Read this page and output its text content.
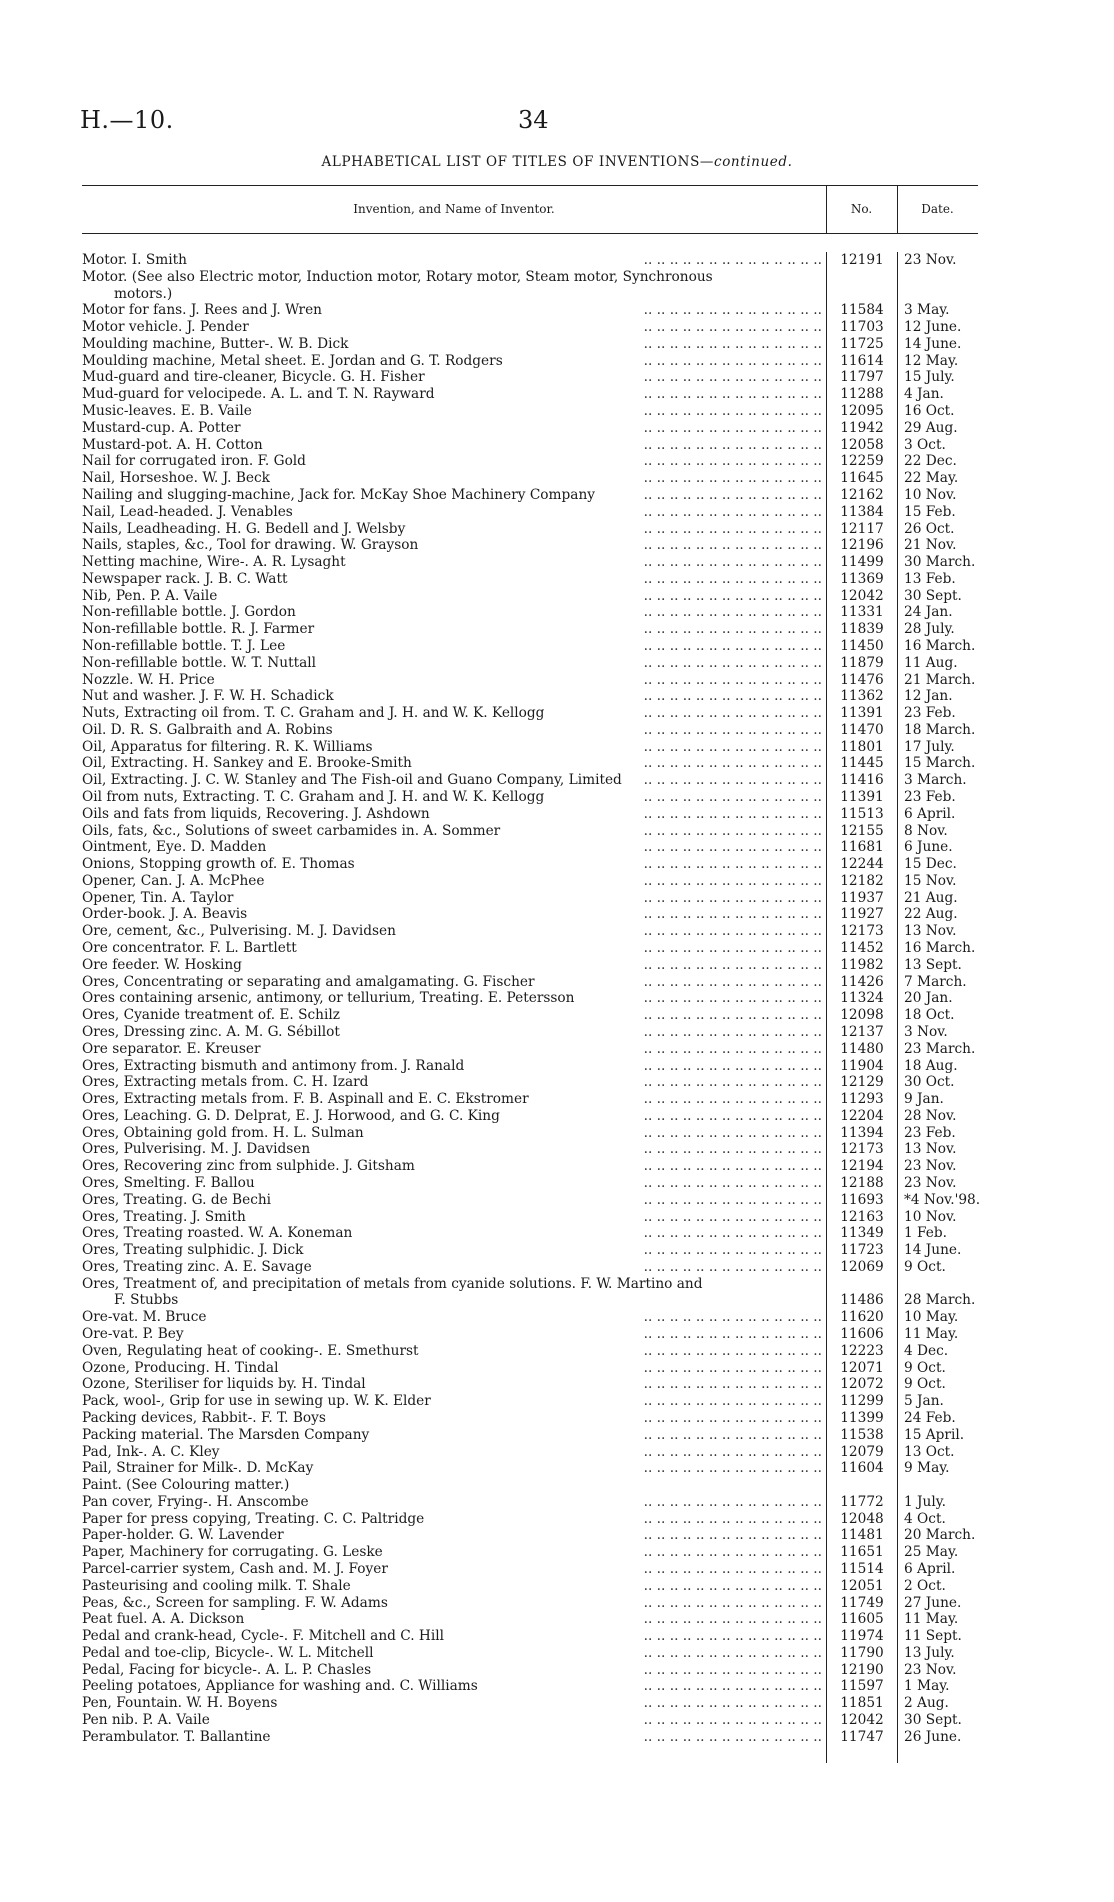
H.—10.	34
ALPHABETICAL LIST OF TITLES OF INVENTIONS—continued.
Invention, and Name of Inventor.	No.	Date.
Motor. I. Smith	.. .. .. .. .. .. .. .. .. .. .. .. .. ..	12191	23 Nov.
Motor. (See also Electric motor, Induction motor, Rotary motor, Steam motor, Synchronous
motors.)
Motor for fans. J. Rees and J. Wren	.. .. .. .. .. .. .. .. .. .. .. .. .. ..	11584	3 May.
Motor vehicle. J. Pender	.. .. .. .. .. .. .. .. .. .. .. .. .. ..	11703	12 June.
Moulding machine, Butter-. W. B. Dick	.. .. .. .. .. .. .. .. .. .. .. .. .. ..	11725	14 June.
Moulding machine, Metal sheet. E. Jordan and G. T. Rodgers	.. .. .. .. .. .. .. .. .. .. .. .. .. ..	11614	12 May.
Mud-guard and tire-cleaner, Bicycle. G. H. Fisher	.. .. .. .. .. .. .. .. .. .. .. .. .. ..	11797	15 July.
Mud-guard for velocipede. A. L. and T. N. Rayward	.. .. .. .. .. .. .. .. .. .. .. .. .. ..	11288	4 Jan.
Music-leaves. E. B. Vaile	.. .. .. .. .. .. .. .. .. .. .. .. .. ..	12095	16 Oct.
Mustard-cup. A. Potter	.. .. .. .. .. .. .. .. .. .. .. .. .. ..	11942	29 Aug.
Mustard-pot. A. H. Cotton	.. .. .. .. .. .. .. .. .. .. .. .. .. ..	12058	3 Oct.
Nail for corrugated iron. F. Gold	.. .. .. .. .. .. .. .. .. .. .. .. .. ..	12259	22 Dec.
Nail, Horseshoe. W. J. Beck	.. .. .. .. .. .. .. .. .. .. .. .. .. ..	11645	22 May.
Nailing and slugging-machine, Jack for. McKay Shoe Machinery Company	.. .. .. .. .. .. .. .. .. .. .. .. .. ..	12162	10 Nov.
Nail, Lead-headed. J. Venables	.. .. .. .. .. .. .. .. .. .. .. .. .. ..	11384	15 Feb.
Nails, Leadheading. H. G. Bedell and J. Welsby	.. .. .. .. .. .. .. .. .. .. .. .. .. ..	12117	26 Oct.
Nails, staples, &c., Tool for drawing. W. Grayson	.. .. .. .. .. .. .. .. .. .. .. .. .. ..	12196	21 Nov.
Netting machine, Wire-. A. R. Lysaght	.. .. .. .. .. .. .. .. .. .. .. .. .. ..	11499	30 March.
Newspaper rack. J. B. C. Watt	.. .. .. .. .. .. .. .. .. .. .. .. .. ..	11369	13 Feb.
Nib, Pen. P. A. Vaile	.. .. .. .. .. .. .. .. .. .. .. .. .. ..	12042	30 Sept.
Non-refillable bottle. J. Gordon	.. .. .. .. .. .. .. .. .. .. .. .. .. ..	11331	24 Jan.
Non-refillable bottle. R. J. Farmer	.. .. .. .. .. .. .. .. .. .. .. .. .. ..	11839	28 July.
Non-refillable bottle. T. J. Lee	.. .. .. .. .. .. .. .. .. .. .. .. .. ..	11450	16 March.
Non-refillable bottle. W. T. Nuttall	.. .. .. .. .. .. .. .. .. .. .. .. .. ..	11879	11 Aug.
Nozzle. W. H. Price	.. .. .. .. .. .. .. .. .. .. .. .. .. ..	11476	21 March.
Nut and washer. J. F. W. H. Schadick	.. .. .. .. .. .. .. .. .. .. .. .. .. ..	11362	12 Jan.
Nuts, Extracting oil from. T. C. Graham and J. H. and W. K. Kellogg	.. .. .. .. .. .. .. .. .. .. .. .. .. ..	11391	23 Feb.
Oil. D. R. S. Galbraith and A. Robins	.. .. .. .. .. .. .. .. .. .. .. .. .. ..	11470	18 March.
Oil, Apparatus for filtering. R. K. Williams	.. .. .. .. .. .. .. .. .. .. .. .. .. ..	11801	17 July.
Oil, Extracting. H. Sankey and E. Brooke-Smith	.. .. .. .. .. .. .. .. .. .. .. .. .. ..	11445	15 March.
Oil, Extracting. J. C. W. Stanley and The Fish-oil and Guano Company, Limited	.. .. .. .. .. .. .. .. .. .. .. .. .. ..	11416	3 March.
Oil from nuts, Extracting. T. C. Graham and J. H. and W. K. Kellogg	.. .. .. .. .. .. .. .. .. .. .. .. .. ..	11391	23 Feb.
Oils and fats from liquids, Recovering. J. Ashdown	.. .. .. .. .. .. .. .. .. .. .. .. .. ..	11513	6 April.
Oils, fats, &c., Solutions of sweet carbamides in. A. Sommer	.. .. .. .. .. .. .. .. .. .. .. .. .. ..	12155	8 Nov.
Ointment, Eye. D. Madden	.. .. .. .. .. .. .. .. .. .. .. .. .. ..	11681	6 June.
Onions, Stopping growth of. E. Thomas	.. .. .. .. .. .. .. .. .. .. .. .. .. ..	12244	15 Dec.
Opener, Can. J. A. McPhee	.. .. .. .. .. .. .. .. .. .. .. .. .. ..	12182	15 Nov.
Opener, Tin. A. Taylor	.. .. .. .. .. .. .. .. .. .. .. .. .. ..	11937	21 Aug.
Order-book. J. A. Beavis	.. .. .. .. .. .. .. .. .. .. .. .. .. ..	11927	22 Aug.
Ore, cement, &c., Pulverising. M. J. Davidsen	.. .. .. .. .. .. .. .. .. .. .. .. .. ..	12173	13 Nov.
Ore concentrator. F. L. Bartlett	.. .. .. .. .. .. .. .. .. .. .. .. .. ..	11452	16 March.
Ore feeder. W. Hosking	.. .. .. .. .. .. .. .. .. .. .. .. .. ..	11982	13 Sept.
Ores, Concentrating or separating and amalgamating. G. Fischer	.. .. .. .. .. .. .. .. .. .. .. .. .. ..	11426	7 March.
Ores containing arsenic, antimony, or tellurium, Treating. E. Petersson	.. .. .. .. .. .. .. .. .. .. .. .. .. ..	11324	20 Jan.
Ores, Cyanide treatment of. E. Schilz	.. .. .. .. .. .. .. .. .. .. .. .. .. ..	12098	18 Oct.
Ores, Dressing zinc. A. M. G. Sébillot	.. .. .. .. .. .. .. .. .. .. .. .. .. ..	12137	3 Nov.
Ore separator. E. Kreuser	.. .. .. .. .. .. .. .. .. .. .. .. .. ..	11480	23 March.
Ores, Extracting bismuth and antimony from. J. Ranald	.. .. .. .. .. .. .. .. .. .. .. .. .. ..	11904	18 Aug.
Ores, Extracting metals from. C. H. Izard	.. .. .. .. .. .. .. .. .. .. .. .. .. ..	12129	30 Oct.
Ores, Extracting metals from. F. B. Aspinall and E. C. Ekstromer	.. .. .. .. .. .. .. .. .. .. .. .. .. ..	11293	9 Jan.
Ores, Leaching. G. D. Delprat, E. J. Horwood, and G. C. King	.. .. .. .. .. .. .. .. .. .. .. .. .. ..	12204	28 Nov.
Ores, Obtaining gold from. H. L. Sulman	.. .. .. .. .. .. .. .. .. .. .. .. .. ..	11394	23 Feb.
Ores, Pulverising. M. J. Davidsen	.. .. .. .. .. .. .. .. .. .. .. .. .. ..	12173	13 Nov.
Ores, Recovering zinc from sulphide. J. Gitsham	.. .. .. .. .. .. .. .. .. .. .. .. .. ..	12194	23 Nov.
Ores, Smelting. F. Ballou	.. .. .. .. .. .. .. .. .. .. .. .. .. ..	12188	23 Nov.
Ores, Treating. G. de Bechi	.. .. .. .. .. .. .. .. .. .. .. .. .. ..	11693	*4 Nov.'98.
Ores, Treating. J. Smith	.. .. .. .. .. .. .. .. .. .. .. .. .. ..	12163	10 Nov.
Ores, Treating roasted. W. A. Koneman	.. .. .. .. .. .. .. .. .. .. .. .. .. ..	11349	1 Feb.
Ores, Treating sulphidic. J. Dick	.. .. .. .. .. .. .. .. .. .. .. .. .. ..	11723	14 June.
Ores, Treating zinc. A. E. Savage	.. .. .. .. .. .. .. .. .. .. .. .. .. ..	12069	9 Oct.
Ores, Treatment of, and precipitation of metals from cyanide solutions. F. W. Martino and
F. Stubbs	11486	28 March.
Ore-vat. M. Bruce	.. .. .. .. .. .. .. .. .. .. .. .. .. ..	11620	10 May.
Ore-vat. P. Bey	.. .. .. .. .. .. .. .. .. .. .. .. .. ..	11606	11 May.
Oven, Regulating heat of cooking-. E. Smethurst	.. .. .. .. .. .. .. .. .. .. .. .. .. ..	12223	4 Dec.
Ozone, Producing. H. Tindal	.. .. .. .. .. .. .. .. .. .. .. .. .. ..	12071	9 Oct.
Ozone, Steriliser for liquids by. H. Tindal	.. .. .. .. .. .. .. .. .. .. .. .. .. ..	12072	9 Oct.
Pack, wool-, Grip for use in sewing up. W. K. Elder	.. .. .. .. .. .. .. .. .. .. .. .. .. ..	11299	5 Jan.
Packing devices, Rabbit-. F. T. Boys	.. .. .. .. .. .. .. .. .. .. .. .. .. ..	11399	24 Feb.
Packing material. The Marsden Company	.. .. .. .. .. .. .. .. .. .. .. .. .. ..	11538	15 April.
Pad, Ink-. A. C. Kley	.. .. .. .. .. .. .. .. .. .. .. .. .. ..	12079	13 Oct.
Pail, Strainer for Milk-. D. McKay	.. .. .. .. .. .. .. .. .. .. .. .. .. ..	11604	9 May.
Paint. (See Colouring matter.)
Pan cover, Frying-. H. Anscombe	.. .. .. .. .. .. .. .. .. .. .. .. .. ..	11772	1 July.
Paper for press copying, Treating. C. C. Paltridge	.. .. .. .. .. .. .. .. .. .. .. .. .. ..	12048	4 Oct.
Paper-holder. G. W. Lavender	.. .. .. .. .. .. .. .. .. .. .. .. .. ..	11481	20 March.
Paper, Machinery for corrugating. G. Leske	.. .. .. .. .. .. .. .. .. .. .. .. .. ..	11651	25 May.
Parcel-carrier system, Cash and. M. J. Foyer	.. .. .. .. .. .. .. .. .. .. .. .. .. ..	11514	6 April.
Pasteurising and cooling milk. T. Shale	.. .. .. .. .. .. .. .. .. .. .. .. .. ..	12051	2 Oct.
Peas, &c., Screen for sampling. F. W. Adams	.. .. .. .. .. .. .. .. .. .. .. .. .. ..	11749	27 June.
Peat fuel. A. A. Dickson	.. .. .. .. .. .. .. .. .. .. .. .. .. ..	11605	11 May.
Pedal and crank-head, Cycle-. F. Mitchell and C. Hill	.. .. .. .. .. .. .. .. .. .. .. .. .. ..	11974	11 Sept.
Pedal and toe-clip, Bicycle-. W. L. Mitchell	.. .. .. .. .. .. .. .. .. .. .. .. .. ..	11790	13 July.
Pedal, Facing for bicycle-. A. L. P. Chasles	.. .. .. .. .. .. .. .. .. .. .. .. .. ..	12190	23 Nov.
Peeling potatoes, Appliance for washing and. C. Williams	.. .. .. .. .. .. .. .. .. .. .. .. .. ..	11597	1 May.
Pen, Fountain. W. H. Boyens	.. .. .. .. .. .. .. .. .. .. .. .. .. ..	11851	2 Aug.
Pen nib. P. A. Vaile	.. .. .. .. .. .. .. .. .. .. .. .. .. ..	12042	30 Sept.
Perambulator. T. Ballantine	.. .. .. .. .. .. .. .. .. .. .. .. .. ..	11747	26 June.
